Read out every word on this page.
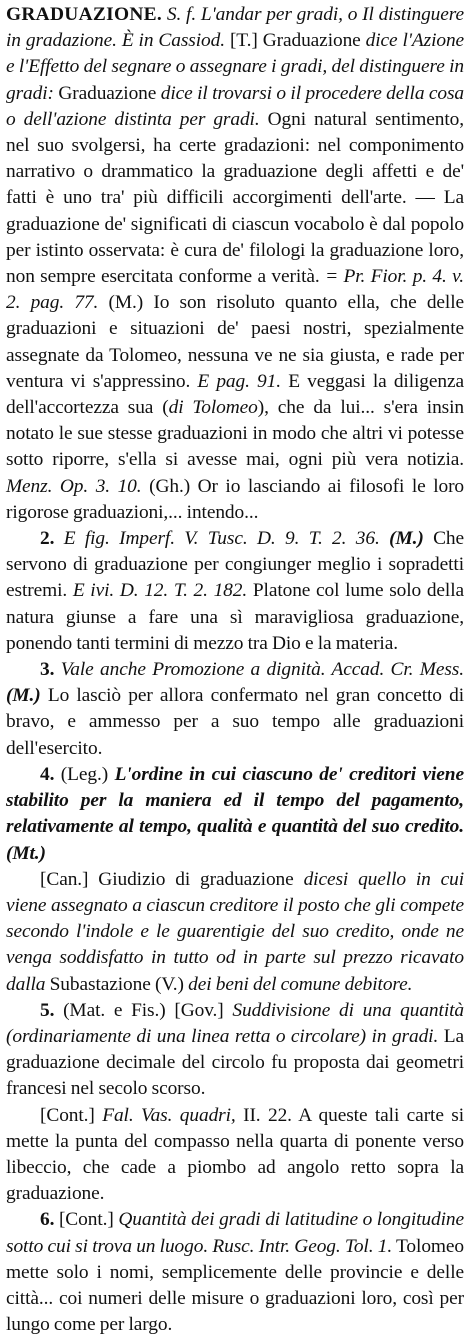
GRADUAZIONE. S. f. L'andar per gradi, o Il distinguere in gradazione. È in Cassiod. [T.] Graduazione dice l'Azione e l'Effetto del segnare o assegnare i gradi, del distinguere in gradi: Graduazione dice il trovarsi o il procedere della cosa o dell'azione distinta per gradi. Ogni natural sentimento, nel suo svolgersi, ha certe gradazioni: nel componimento narrativo o drammatico la graduazione degli affetti e de' fatti è uno tra' più difficili accorgimenti dell'arte. — La graduazione de' significati di ciascun vocabolo è dal popolo per istinto osservata: è cura de' filologi la graduazione loro, non sempre esercitata conforme a verità. = Pr. Fior. p. 4. v. 2. pag. 77. (M.) Io son risoluto quanto ella, che delle graduazioni e situazioni de' paesi nostri, spezialmente assegnate da Tolomeo, nessuna ve ne sia giusta, e rade per ventura vi s'appressino. E pag. 91. E veggasi la diligenza dell'accortezza sua (di Tolomeo), che da lui... s'era insin notato le sue stesse graduazioni in modo che altri vi potesse sotto riporre, s'ella si avesse mai, ogni più vera notizia. Menz. Op. 3. 10. (Gh.) Or io lasciando ai filosofi le loro rigorose graduazioni,... intendo...

2. E fig. Imperf. V. Tusc. D. 9. T. 2. 36. (M.) Che servono di graduazione per congiunger meglio i sopradetti estremi. E ivi. D. 12. T. 2. 182. Platone col lume solo della natura giunse a fare una sì maravigliosa graduazione, ponendo tanti termini di mezzo tra Dio e la materia.

3. Vale anche Promozione a dignità. Accad. Cr. Mess. (M.) Lo lasciò per allora confermato nel gran concetto di bravo, e ammesso per a suo tempo alle graduazioni dell'esercito.

4. (Leg.) L'ordine in cui ciascuno de' creditori viene stabilito per la maniera ed il tempo del pagamento, relativamente al tempo, qualità e quantità del suo credito. (Mt.)

[Can.] Giudizio di graduazione dicesi quello in cui viene assegnato a ciascun creditore il posto che gli compete secondo l'indole e le guarentigie del suo credito, onde ne venga soddisfatto in tutto od in parte sul prezzo ricavato dalla Subastazione (V.) dei beni del comune debitore.

5. (Mat. e Fis.) [Gov.] Suddivisione di una quantità (ordinariamente di una linea retta o circolare) in gradi. La graduazione decimale del circolo fu proposta dai geometri francesi nel secolo scorso.

[Cont.] Fal. Vas. quadri, II. 22. A queste tali carte si mette la punta del compasso nella quarta di ponente verso libeccio, che cade a piombo ad angolo retto sopra la graduazione.

6. [Cont.] Quantità dei gradi di latitudine o longitudine sotto cui si trova un luogo. Rusc. Intr. Geog. Tol. 1. Tolomeo mette solo i nomi, semplicemente delle provincie e delle città... coi numeri delle misure o graduazioni loro, così per lungo come per largo.
